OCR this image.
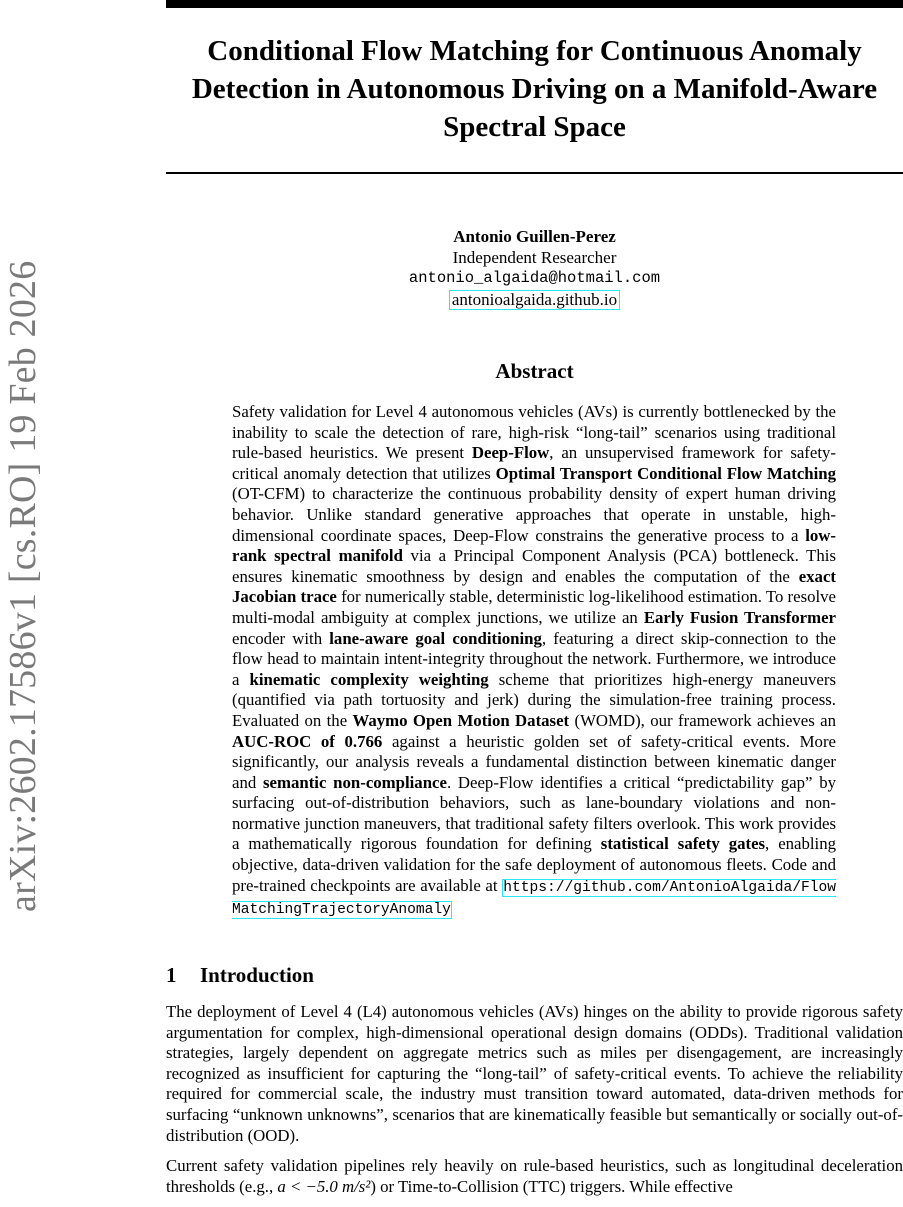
Conditional Flow Matching for Continuous Anomaly Detection in Autonomous Driving on a Manifold-Aware Spectral Space
arXiv:2602.17586v1 [cs.RO] 19 Feb 2026
Antonio Guillen-Perez
Independent Researcher
antonio_algaida@hotmail.com
antonioalgaida.github.io
Abstract

Safety validation for Level 4 autonomous vehicles (AVs) is currently bottlenecked by the inability to scale the detection of rare, high-risk “long-tail” scenarios using traditional rule-based heuristics. We present Deep-Flow, an unsupervised framework for safety-critical anomaly detection that utilizes Optimal Transport Conditional Flow Matching (OT-CFM) to characterize the continuous probability density of expert human driving behavior. Unlike standard generative approaches that operate in unstable, high-dimensional coordinate spaces, Deep-Flow constrains the generative process to a low-rank spectral manifold via a Principal Component Analysis (PCA) bottleneck. This ensures kinematic smoothness by design and enables the computation of the exact Jacobian trace for numerically stable, deterministic log-likelihood estimation. To resolve multi-modal ambiguity at complex junctions, we utilize an Early Fusion Transformer encoder with lane-aware goal conditioning, featuring a direct skip-connection to the flow head to maintain intent-integrity throughout the network. Furthermore, we introduce a kinematic complexity weighting scheme that prioritizes high-energy maneuvers (quantified via path tortuosity and jerk) during the simulation-free training process. Evaluated on the Waymo Open Motion Dataset (WOMD), our framework achieves an AUC-ROC of 0.766 against a heuristic golden set of safety-critical events. More significantly, our analysis reveals a fundamental distinction between kinematic danger and semantic non-compliance. Deep-Flow identifies a critical “predictability gap” by surfacing out-of-distribution behaviors, such as lane-boundary violations and non-normative junction maneuvers, that traditional safety filters overlook. This work provides a mathematically rigorous foundation for defining statistical safety gates, enabling objective, data-driven validation for the safe deployment of autonomous fleets. Code and pre-trained checkpoints are available at https://github.com/AntonioAlgaida/FlowMatchingTrajectoryAnomaly

1 Introduction

The deployment of Level 4 (L4) autonomous vehicles (AVs) hinges on the ability to provide rigorous safety argumentation for complex, high-dimensional operational design domains (ODDs). Traditional validation strategies, largely dependent on aggregate metrics such as miles per disengagement, are increasingly recognized as insufficient for capturing the “long-tail” of safety-critical events. To achieve the reliability required for commercial scale, the industry must transition toward automated, data-driven methods for surfacing “unknown unknowns”, scenarios that are kinematically feasible but semantically or socially out-of-distribution (OOD).

Current safety validation pipelines rely heavily on rule-based heuristics, such as longitudinal deceleration thresholds (e.g., a < −5.0 m/s²) or Time-to-Collision (TTC) triggers. While effective
